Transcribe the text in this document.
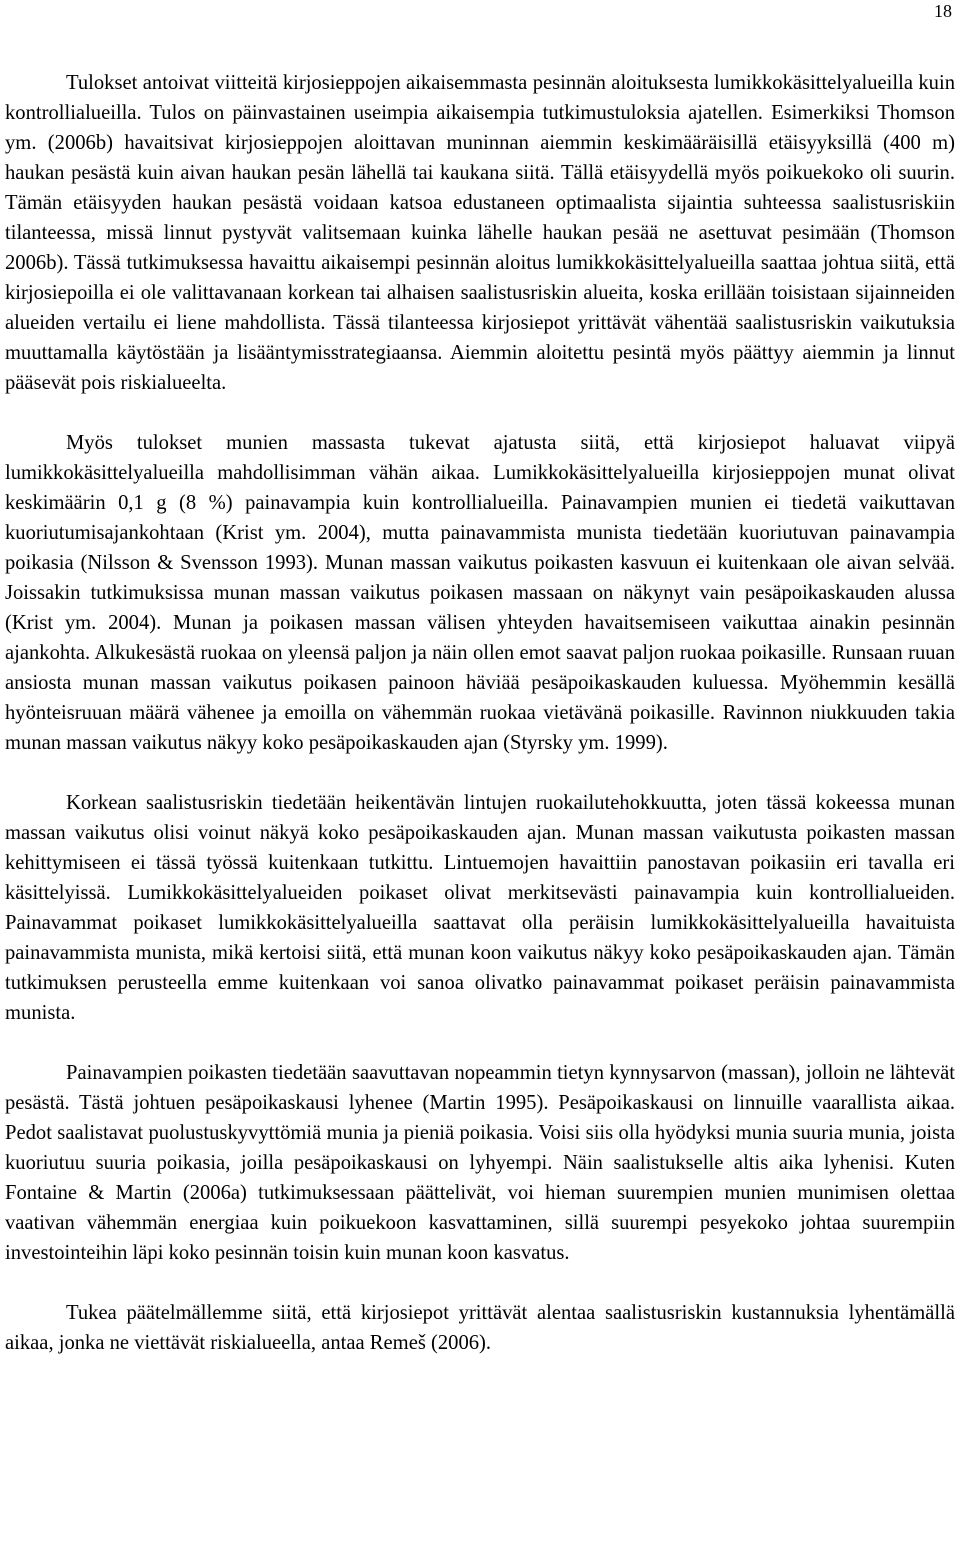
18

Tulokset antoivat viitteitä kirjosieppojen aikaisemmasta pesinnän aloituksesta lumikkokäsittelyalueilla kuin kontrollialueilla. Tulos on päinvastainen useimpia aikaisempia tutkimustuloksia ajatellen. Esimerkiksi Thomson ym. (2006b) havaitsivat kirjosieppojen aloittavan muninnan aiemmin keskimääräisillä etäisyyksillä (400 m) haukan pesästä kuin aivan haukan pesän lähellä tai kaukana siitä. Tällä etäisyydellä myös poikuekoko oli suurin. Tämän etäisyyden haukan pesästä voidaan katsoa edustaneen optimaalista sijaintia suhteessa saalistusriskiin tilanteessa, missä linnut pystyvät valitsemaan kuinka lähelle haukan pesää ne asettuvat pesimään (Thomson 2006b). Tässä tutkimuksessa havaittu aikaisempi pesinnän aloitus lumikkokäsittelyalueilla saattaa johtua siitä, että kirjosiepoilla ei ole valittavanaan korkean tai alhaisen saalistusriskin alueita, koska erillään toisistaan sijainneiden alueiden vertailu ei liene mahdollista. Tässä tilanteessa kirjosiepot yrittävät vähentää saalistusriskin vaikutuksia muuttamalla käytöstään ja lisääntymisstrategiaansa. Aiemmin aloitettu pesintä myös päättyy aiemmin ja linnut pääsevät pois riskialueelta.

Myös tulokset munien massasta tukevat ajatusta siitä, että kirjosiepot haluavat viipyä lumikkokäsittelyalueilla mahdollisimman vähän aikaa. Lumikkokäsittelyalueilla kirjosieppojen munat olivat keskimäärin 0,1 g (8 %) painavampia kuin kontrollialueilla. Painavampien munien ei tiedetä vaikuttavan kuoriutumisajankohtaan (Krist ym. 2004), mutta painavammista munista tiedetään kuoriutuvan painavampia poikasia (Nilsson & Svensson 1993). Munan massan vaikutus poikasten kasvuun ei kuitenkaan ole aivan selvää. Joissakin tutkimuksissa munan massan vaikutus poikasen massaan on näkynyt vain pesäpoikaskauden alussa (Krist ym. 2004). Munan ja poikasen massan välisen yhteyden havaitsemiseen vaikuttaa ainakin pesinnän ajankohta. Alkukesästä ruokaa on yleensä paljon ja näin ollen emot saavat paljon ruokaa poikasille. Runsaan ruuan ansiosta munan massan vaikutus poikasen painoon häviää pesäpoikaskauden kuluessa. Myöhemmin kesällä hyönteisruuan määrä vähenee ja emoilla on vähemmän ruokaa vietävänä poikasille. Ravinnon niukkuuden takia munan massan vaikutus näkyy koko pesäpoikaskauden ajan (Styrsky ym. 1999).

Korkean saalistusriskin tiedetään heikentävän lintujen ruokailutehokkuutta, joten tässä kokeessa munan massan vaikutus olisi voinut näkyä koko pesäpoikaskauden ajan. Munan massan vaikutusta poikasten massan kehittymiseen ei tässä työssä kuitenkaan tutkittu. Lintuemojen havaittiin panostavan poikasiin eri tavalla eri käsittelyissä. Lumikkokäsittelyalueiden poikaset olivat merkitsevästi painavampia kuin kontrollialueiden. Painavammat poikaset lumikkokäsittelyalueilla saattavat olla peräisin lumikkokäsittelyalueilla havaituista painavammista munista, mikä kertoisi siitä, että munan koon vaikutus näkyy koko pesäpoikaskauden ajan. Tämän tutkimuksen perusteella emme kuitenkaan voi sanoa olivatko painavammat poikaset peräisin painavammista munista.

Painavampien poikasten tiedetään saavuttavan nopeammin tietyn kynnysarvon (massan), jolloin ne lähtevät pesästä. Tästä johtuen pesäpoikaskausi lyhenee (Martin 1995). Pesäpoikaskausi on linnuille vaarallista aikaa. Pedot saalistavat puolustuskyvyttömiä munia ja pieniä poikasia. Voisi siis olla hyödyksi munia suuria munia, joista kuoriutuu suuria poikasia, joilla pesäpoikaskausi on lyhyempi. Näin saalistukselle altis aika lyhenisi. Kuten Fontaine & Martin (2006a) tutkimuksessaan päättelivät, voi hieman suurempien munien munimisen olettaa vaativan vähemmän energiaa kuin poikuekoon kasvattaminen, sillä suurempi pesyekoko johtaa suurempiin investointeihin läpi koko pesinnän toisin kuin munan koon kasvatus.

Tukea päätelmällemme siitä, että kirjosiepot yrittävät alentaa saalistusriskin kustannuksia lyhentämällä aikaa, jonka ne viettävät riskialueella, antaa Remeš (2006).
